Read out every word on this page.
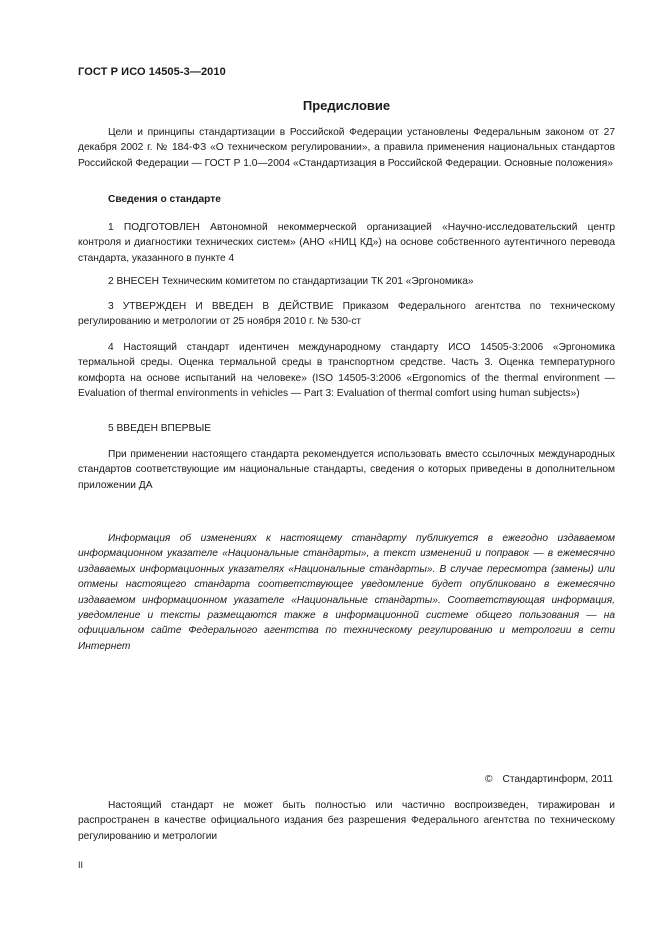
ГОСТ Р ИСО 14505-3—2010
Предисловие

Цели и принципы стандартизации в Российской Федерации установлены Федеральным законом от 27 декабря 2002 г. № 184-ФЗ «О техническом регулировании», а правила применения национальных стандартов Российской Федерации — ГОСТ Р 1.0—2004 «Стандартизация в Российской Федерации. Основные положения»

Сведения о стандарте

1 ПОДГОТОВЛЕН Автономной некоммерческой организацией «Научно-исследовательский центр контроля и диагностики технических систем» (АНО «НИЦ КД») на основе собственного аутентичного перевода стандарта, указанного в пункте 4

2 ВНЕСЕН Техническим комитетом по стандартизации ТК 201 «Эргономика»

3 УТВЕРЖДЕН И ВВЕДЕН В ДЕЙСТВИЕ Приказом Федерального агентства по техническому регулированию и метрологии от 25 ноября 2010 г. № 530-ст

4 Настоящий стандарт идентичен международному стандарту ИСО 14505-3:2006 «Эргономика термальной среды. Оценка термальной среды в транспортном средстве. Часть 3. Оценка температурного комфорта на основе испытаний на человеке» (ISO 14505-3:2006 «Ergonomics of the thermal environment — Evaluation of thermal environments in vehicles — Part 3: Evaluation of thermal comfort using human subjects»)

5 ВВЕДЕН ВПЕРВЫЕ

При применении настоящего стандарта рекомендуется использовать вместо ссылочных международных стандартов соответствующие им национальные стандарты, сведения о которых приведены в дополнительном приложении ДА

Информация об изменениях к настоящему стандарту публикуется в ежегодно издаваемом информационном указателе «Национальные стандарты», а текст изменений и поправок — в ежемесячно издаваемых информационных указателях «Национальные стандарты». В случае пересмотра (замены) или отмены настоящего стандарта соответствующее уведомление будет опубликовано в ежемесячно издаваемом информационном указателе «Национальные стандарты». Соответствующая информация, уведомление и тексты размещаются также в информационной системе общего пользования — на официальном сайте Федерального агентства по техническому регулированию и метрологии в сети Интернет

© Стандартинформ, 2011

Настоящий стандарт не может быть полностью или частично воспроизведен, тиражирован и распространен в качестве официального издания без разрешения Федерального агентства по техническому регулированию и метрологии

II
